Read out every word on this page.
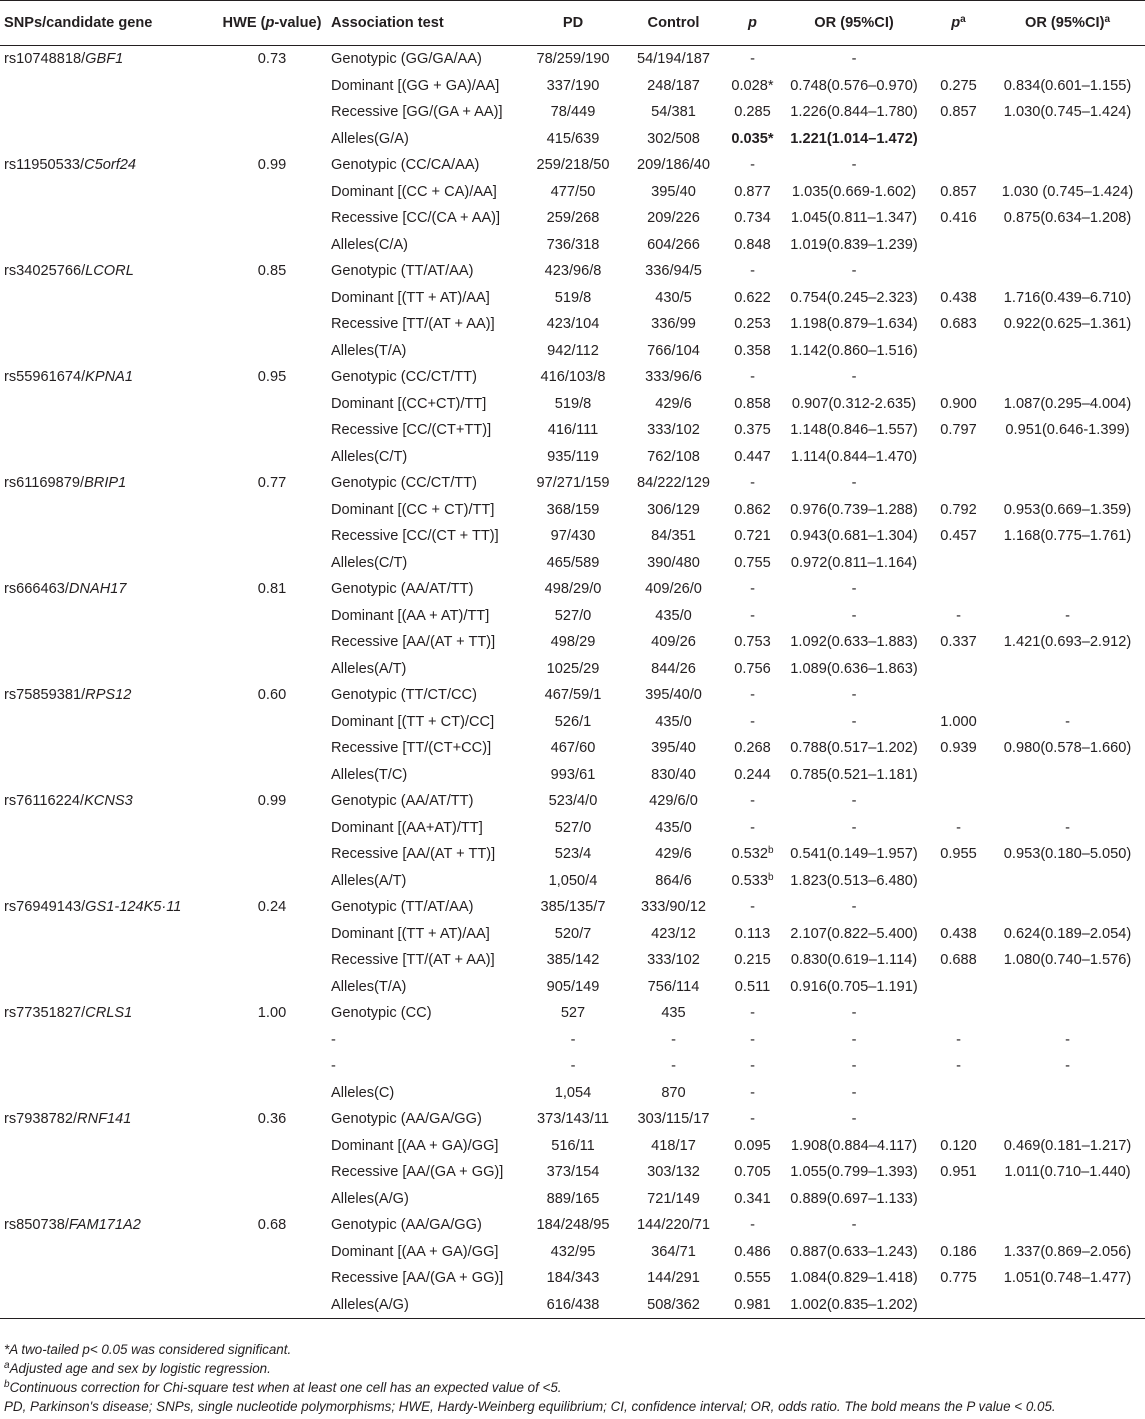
SNPs/candidate gene	HWE (p-value)	Association test	PD	Control	p	OR (95%CI)	$p^a$	OR $(95\%CI)^a$
rs10748818/GBF1	0.73	Genotypic (GG/GA/AA)	78/259/190	54/194/187	-	-		
		Dominant [(GG + GA)/AA]	337/190	248/187	0.028*	0.748(0.576–0.970)	0.275	0.834(0.601–1.155)
		Recessive [GG/(GA + AA)]	78/449	54/381	0.285	1.226(0.844–1.780)	0.857	1.030(0.745–1.424)
		Alleles(G/A)	415/639	302/508	0.035*	1.221(1.014–1.472)		
rs11950533/C5orf24	0.99	Genotypic (CC/CA/AA)	259/218/50	209/186/40	-	-		
		Dominant [(CC + CA)/AA]	477/50	395/40	0.877	1.035(0.669-1.602)	0.857	1.030 (0.745–1.424)
		Recessive [CC/(CA + AA)]	259/268	209/226	0.734	1.045(0.811–1.347)	0.416	0.875(0.634–1.208)
		Alleles(C/A)	736/318	604/266	0.848	1.019(0.839–1.239)		
rs34025766/LCORL	0.85	Genotypic (TT/AT/AA)	423/96/8	336/94/5	-	-		
		Dominant [(TT + AT)/AA]	519/8	430/5	0.622	0.754(0.245–2.323)	0.438	1.716(0.439–6.710)
		Recessive [TT/(AT + AA)]	423/104	336/99	0.253	1.198(0.879–1.634)	0.683	0.922(0.625–1.361)
		Alleles(T/A)	942/112	766/104	0.358	1.142(0.860–1.516)		
rs55961674/KPNA1	0.95	Genotypic (CC/CT/TT)	416/103/8	333/96/6	-	-		
		Dominant [(CC+CT)/TT]	519/8	429/6	0.858	0.907(0.312-2.635)	0.900	1.087(0.295–4.004)
		Recessive [CC/(CT+TT)]	416/111	333/102	0.375	1.148(0.846–1.557)	0.797	0.951(0.646-1.399)
		Alleles(C/T)	935/119	762/108	0.447	1.114(0.844–1.470)		
rs61169879/BRIP1	0.77	Genotypic (CC/CT/TT)	97/271/159	84/222/129	-	-		
		Dominant [(CC + CT)/TT]	368/159	306/129	0.862	0.976(0.739–1.288)	0.792	0.953(0.669–1.359)
		Recessive [CC/(CT + TT)]	97/430	84/351	0.721	0.943(0.681–1.304)	0.457	1.168(0.775–1.761)
		Alleles(C/T)	465/589	390/480	0.755	0.972(0.811–1.164)		
rs666463/DNAH17	0.81	Genotypic (AA/AT/TT)	498/29/0	409/26/0	-	-		
		Dominant [(AA + AT)/TT]	527/0	435/0	-	-	-	-
		Recessive [AA/(AT + TT)]	498/29	409/26	0.753	1.092(0.633–1.883)	0.337	1.421(0.693–2.912)
		Alleles(A/T)	1025/29	844/26	0.756	1.089(0.636–1.863)		
rs75859381/RPS12	0.60	Genotypic (TT/CT/CC)	467/59/1	395/40/0	-	-		
		Dominant [(TT + CT)/CC]	526/1	435/0	-	-	1.000	-
		Recessive [TT/(CT+CC)]	467/60	395/40	0.268	0.788(0.517–1.202)	0.939	0.980(0.578–1.660)
		Alleles(T/C)	993/61	830/40	0.244	0.785(0.521–1.181)		
rs76116224/KCNS3	0.99	Genotypic (AA/AT/TT)	523/4/0	429/6/0	-	-		
		Dominant [(AA+AT)/TT]	527/0	435/0	-	-	-	-
		Recessive [AA/(AT + TT)]	523/4	429/6	0.532$^b$	0.541(0.149–1.957)	0.955	0.953(0.180–5.050)
		Alleles(A/T)	1,050/4	864/6	0.533$^b$	1.823(0.513–6.480)		
rs76949143/GS1-124K5·11	0.24	Genotypic (TT/AT/AA)	385/135/7	333/90/12	-	-		
		Dominant [(TT + AT)/AA]	520/7	423/12	0.113	2.107(0.822–5.400)	0.438	0.624(0.189–2.054)
		Recessive [TT/(AT + AA)]	385/142	333/102	0.215	0.830(0.619–1.114)	0.688	1.080(0.740–1.576)
		Alleles(T/A)	905/149	756/114	0.511	0.916(0.705–1.191)		
rs77351827/CRLS1	1.00	Genotypic (CC)	527	435	-	-		
		-	-	-	-	-	-	-
		-	-	-	-	-	-	-
		Alleles(C)	1,054	870	-	-		
rs7938782/RNF141	0.36	Genotypic (AA/GA/GG)	373/143/11	303/115/17	-	-		
		Dominant [(AA + GA)/GG]	516/11	418/17	0.095	1.908(0.884–4.117)	0.120	0.469(0.181–1.217)
		Recessive [AA/(GA + GG)]	373/154	303/132	0.705	1.055(0.799–1.393)	0.951	1.011(0.710–1.440)
		Alleles(A/G)	889/165	721/149	0.341	0.889(0.697–1.133)		
rs850738/FAM171A2	0.68	Genotypic (AA/GA/GG)	184/248/95	144/220/71	-	-		
		Dominant [(AA + GA)/GG]	432/95	364/71	0.486	0.887(0.633–1.243)	0.186	1.337(0.869–2.056)
		Recessive [AA/(GA + GG)]	184/343	144/291	0.555	1.084(0.829–1.418)	0.775	1.051(0.748–1.477)
		Alleles(A/G)	616/438	508/362	0.981	1.002(0.835–1.202)		
*A two-tailed p< 0.05 was considered significant.
$^a$Adjusted age and sex by logistic regression.
$^b$Continuous correction for Chi-square test when at least one cell has an expected value of <5.
PD, Parkinson's disease; SNPs, single nucleotide polymorphisms; HWE, Hardy-Weinberg equilibrium; CI, confidence interval; OR, odds ratio. The bold means the P value < 0.05.
